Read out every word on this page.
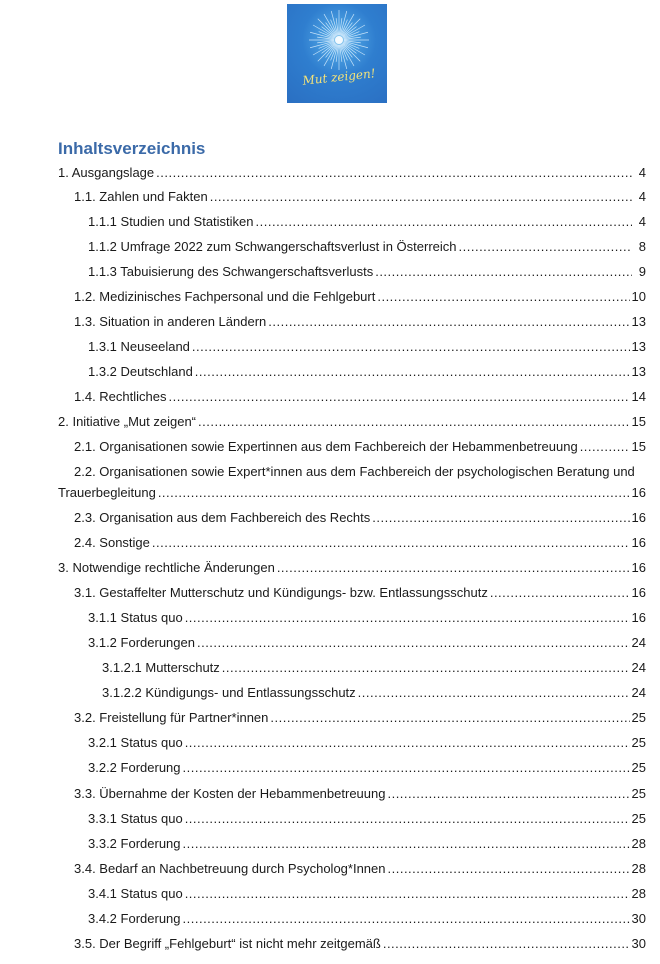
Mut zeigen!
Inhaltsverzeichnis
1. Ausgangslage .....	4
1.1. Zahlen und Fakten .....	4
1.1.1 Studien und Statistiken .....	4
1.1.2 Umfrage 2022 zum Schwangerschaftsverlust in Österreich .....	8
1.1.3 Tabuisierung des Schwangerschaftsverlusts .....	9
1.2. Medizinisches Fachpersonal und die Fehlgeburt .....	10
1.3. Situation in anderen Ländern .....	13
1.3.1 Neuseeland .....	13
1.3.2 Deutschland .....	13
1.4. Rechtliches .....	14
2. Initiative „Mut zeigen“ .....	15
2.1. Organisationen sowie Expertinnen aus dem Fachbereich der Hebammenbetreuung .....	15
2.2. Organisationen sowie Expert*innen aus dem Fachbereich der psychologischen Beratung und
Trauerbegleitung .....	16
2.3. Organisation aus dem Fachbereich des Rechts .....	16
2.4. Sonstige .....	16
3. Notwendige rechtliche Änderungen .....	16
3.1. Gestaffelter Mutterschutz und Kündigungs- bzw. Entlassungsschutz .....	16
3.1.1 Status quo .....	16
3.1.2 Forderungen .....	24
3.1.2.1 Mutterschutz .....	24
3.1.2.2 Kündigungs- und Entlassungsschutz .....	24
3.2. Freistellung für Partner*innen .....	25
3.2.1 Status quo .....	25
3.2.2 Forderung .....	25
3.3. Übernahme der Kosten der Hebammenbetreuung .....	25
3.3.1 Status quo .....	25
3.3.2 Forderung .....	28
3.4. Bedarf an Nachbetreuung durch Psycholog*Innen .....	28
3.4.1 Status quo .....	28
3.4.2 Forderung .....	30
3.5. Der Begriff „Fehlgeburt“ ist nicht mehr zeitgemäß .....	30
